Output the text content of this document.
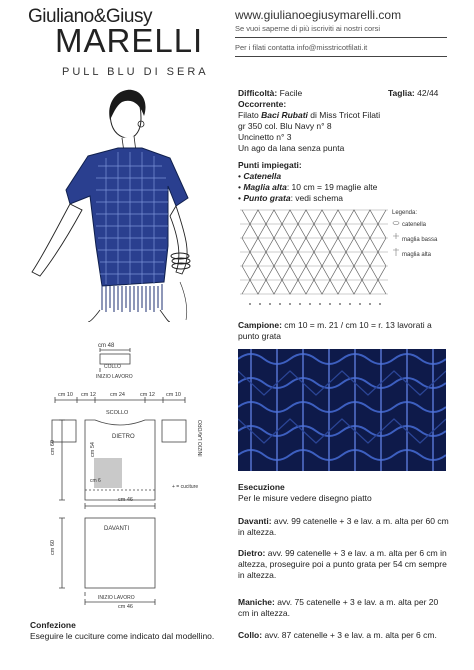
Giuliano&Giusy
MARELLI
PULL BLU DI SERA
www.giulianoegiusymarelli.com
Se vuoi saperne di più iscriviti ai nostri corsi
Per i filati contatta info@misstricotfilati.it
Difficoltà: Facile	Taglia: 42/44
Occorrente:
Filato Baci Rubati di Miss Tricot Filati
gr 350 col. Blu Navy n° 8
Uncinetto n° 3
Un ago da lana senza punta
Punti impiegati:
• Catenella
• Maglia alta: 10 cm = 19 maglie alte
• Punto grata: vedi schema
Legenda:
catenella
maglia bassa
maglia alta
Campione: cm 10 = m. 21 / cm 10 = r. 13 lavorati a punto grata
cm 48
COLLO
INIZIO LAVORO
cm 10 cm 12	cm 24	cm 12 cm 10
SCOLLO
DIETRO	INIZIO LAVORO
cm 60	cm 54
cm 6
+ = cuciture
cm 46
DAVANTI
cm 60
INIZIO LAVORO
cm 46
Confezione
Eseguire le cuciture come indicato dal modellino.
Esecuzione
Per le misure vedere disegno piatto
Davanti: avv. 99 catenelle + 3 e lav. a m. alta per 60 cm in altezza.
Dietro: avv. 99 catenelle + 3 e lav. a m. alta per 6 cm in altezza, proseguire poi a punto grata per 54 cm sempre in altezza.
Maniche: avv. 75 catenelle + 3 e lav. a m. alta per 20 cm in altezza.
Collo: avv. 87 catenelle + 3 e lav. a m. alta per 6 cm.
